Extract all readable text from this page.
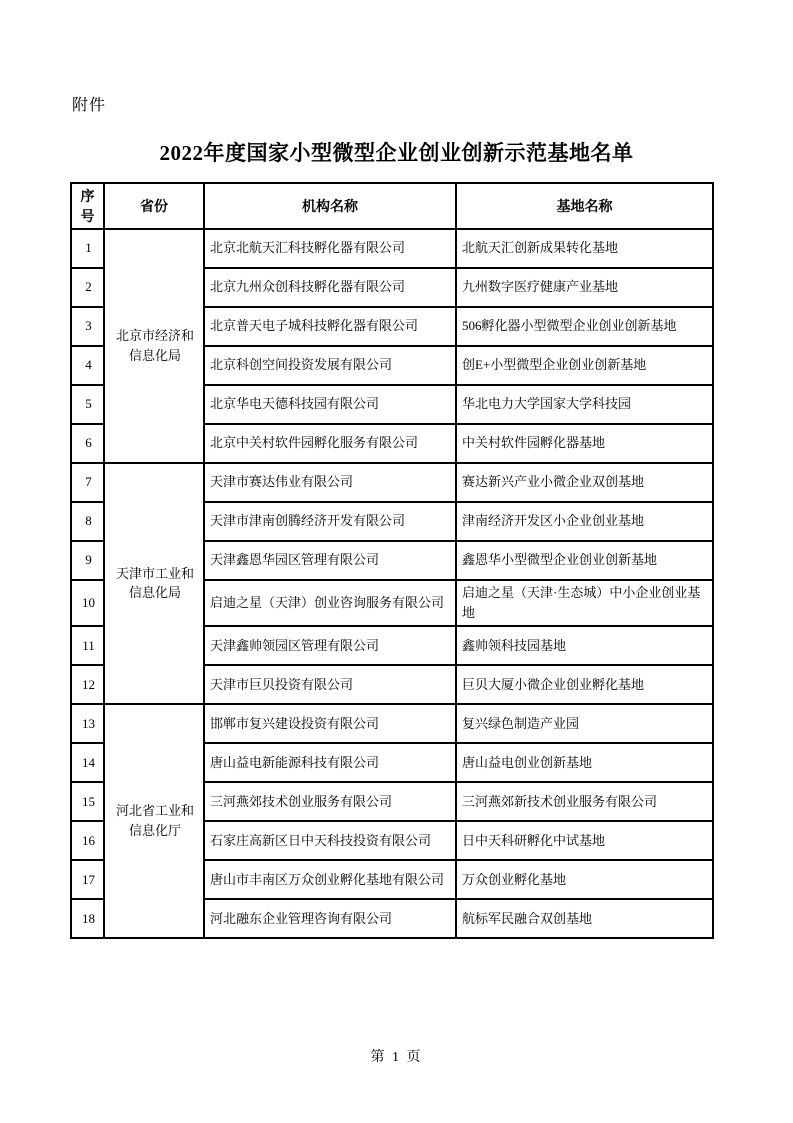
附件
2022年度国家小型微型企业创业创新示范基地名单
序号	省份	机构名称	基地名称
1	北京市经济和信息化局	北京北航天汇科技孵化器有限公司	北航天汇创新成果转化基地
2		北京九州众创科技孵化器有限公司	九州数字医疗健康产业基地
3		北京普天电子城科技孵化器有限公司	506孵化器小型微型企业创业创新基地
4		北京科创空间投资发展有限公司	创E+小型微型企业创业创新基地
5		北京华电天德科技园有限公司	华北电力大学国家大学科技园
6		北京中关村软件园孵化服务有限公司	中关村软件园孵化器基地
7	天津市工业和信息化局	天津市赛达伟业有限公司	赛达新兴产业小微企业双创基地
8		天津市津南创腾经济开发有限公司	津南经济开发区小企业创业基地
9		天津鑫恩华园区管理有限公司	鑫恩华小型微型企业创业创新基地
10		启迪之星（天津）创业咨询服务有限公司	启迪之星（天津·生态城）中小企业创业基地
11		天津鑫帅领园区管理有限公司	鑫帅领科技园基地
12		天津市巨贝投资有限公司	巨贝大厦小微企业创业孵化基地
13	河北省工业和信息化厅	邯郸市复兴建设投资有限公司	复兴绿色制造产业园
14		唐山益电新能源科技有限公司	唐山益电创业创新基地
15		三河燕郊技术创业服务有限公司	三河燕郊新技术创业服务有限公司
16		石家庄高新区日中天科技投资有限公司	日中天科研孵化中试基地
17		唐山市丰南区万众创业孵化基地有限公司	万众创业孵化基地
18		河北融东企业管理咨询有限公司	航标军民融合双创基地
第 1 页
